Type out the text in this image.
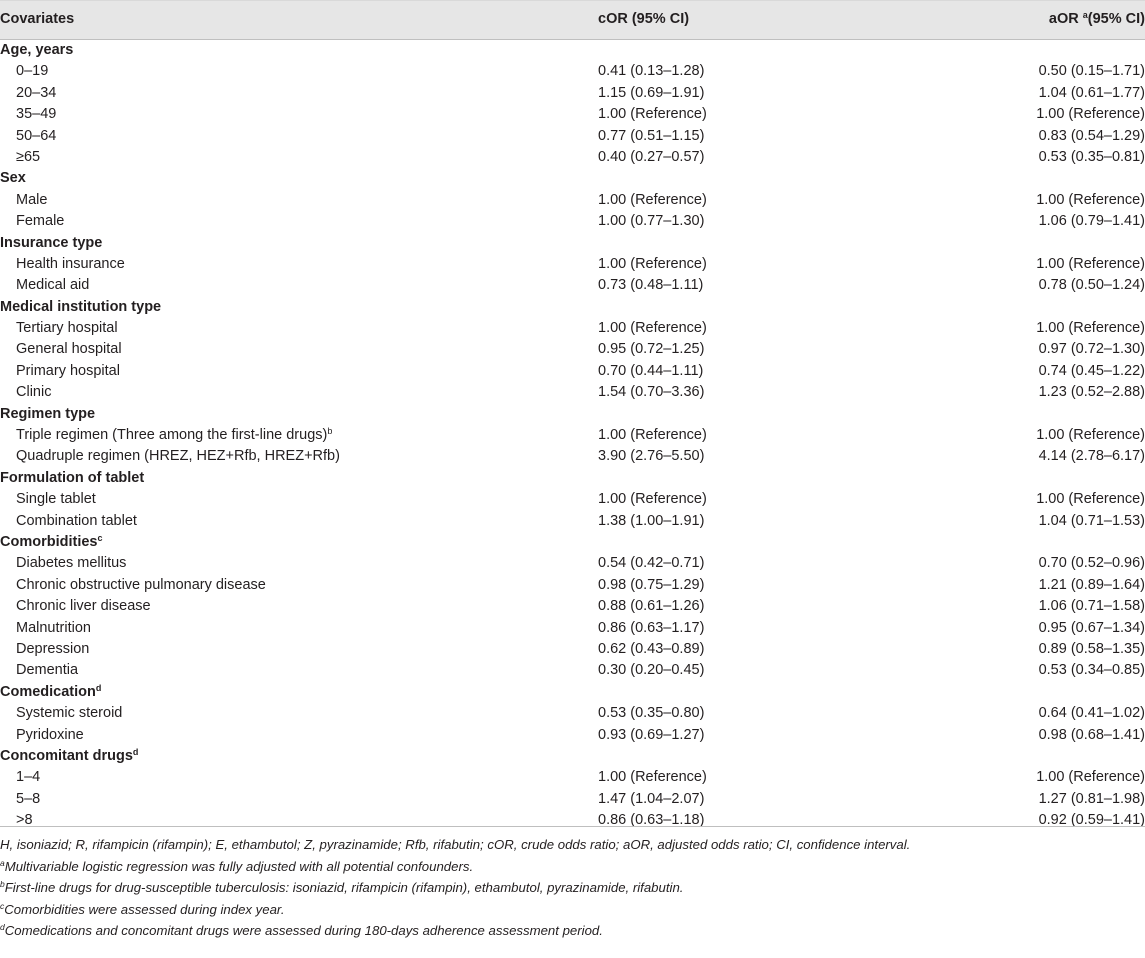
Covariates	cOR (95% CI)	aOR $^a$(95% CI)
Age, years
0–19	0.41 (0.13–1.28)	0.50 (0.15–1.71)
20–34	1.15 (0.69–1.91)	1.04 (0.61–1.77)
35–49	1.00 (Reference)	1.00 (Reference)
50–64	0.77 (0.51–1.15)	0.83 (0.54–1.29)
≥65	0.40 (0.27–0.57)	0.53 (0.35–0.81)
Sex
Male	1.00 (Reference)	1.00 (Reference)
Female	1.00 (0.77–1.30)	1.06 (0.79–1.41)
Insurance type
Health insurance	1.00 (Reference)	1.00 (Reference)
Medical aid	0.73 (0.48–1.11)	0.78 (0.50–1.24)
Medical institution type
Tertiary hospital	1.00 (Reference)	1.00 (Reference)
General hospital	0.95 (0.72–1.25)	0.97 (0.72–1.30)
Primary hospital	0.70 (0.44–1.11)	0.74 (0.45–1.22)
Clinic	1.54 (0.70–3.36)	1.23 (0.52–2.88)
Regimen type
Triple regimen (Three among the first-line drugs)$^b$	1.00 (Reference)	1.00 (Reference)
Quadruple regimen (HREZ, HEZ+Rfb, HREZ+Rfb)	3.90 (2.76–5.50)	4.14 (2.78–6.17)
Formulation of tablet
Single tablet	1.00 (Reference)	1.00 (Reference)
Combination tablet	1.38 (1.00–1.91)	1.04 (0.71–1.53)
Comorbidities$^c$
Diabetes mellitus	0.54 (0.42–0.71)	0.70 (0.52–0.96)
Chronic obstructive pulmonary disease	0.98 (0.75–1.29)	1.21 (0.89–1.64)
Chronic liver disease	0.88 (0.61–1.26)	1.06 (0.71–1.58)
Malnutrition	0.86 (0.63–1.17)	0.95 (0.67–1.34)
Depression	0.62 (0.43–0.89)	0.89 (0.58–1.35)
Dementia	0.30 (0.20–0.45)	0.53 (0.34–0.85)
Comedication$^d$
Systemic steroid	0.53 (0.35–0.80)	0.64 (0.41–1.02)
Pyridoxine	0.93 (0.69–1.27)	0.98 (0.68–1.41)
Concomitant drugs$^d$
1–4	1.00 (Reference)	1.00 (Reference)
5–8	1.47 (1.04–2.07)	1.27 (0.81–1.98)
>8	0.86 (0.63–1.18)	0.92 (0.59–1.41)
H, isoniazid; R, rifampicin (rifampin); E, ethambutol; Z, pyrazinamide; Rfb, rifabutin; cOR, crude odds ratio; aOR, adjusted odds ratio; CI, confidence interval.
$^a$Multivariable logistic regression was fully adjusted with all potential confounders.
$^b$First-line drugs for drug-susceptible tuberculosis: isoniazid, rifampicin (rifampin), ethambutol, pyrazinamide, rifabutin.
$^c$Comorbidities were assessed during index year.
$^d$Comedications and concomitant drugs were assessed during 180-days adherence assessment period.
